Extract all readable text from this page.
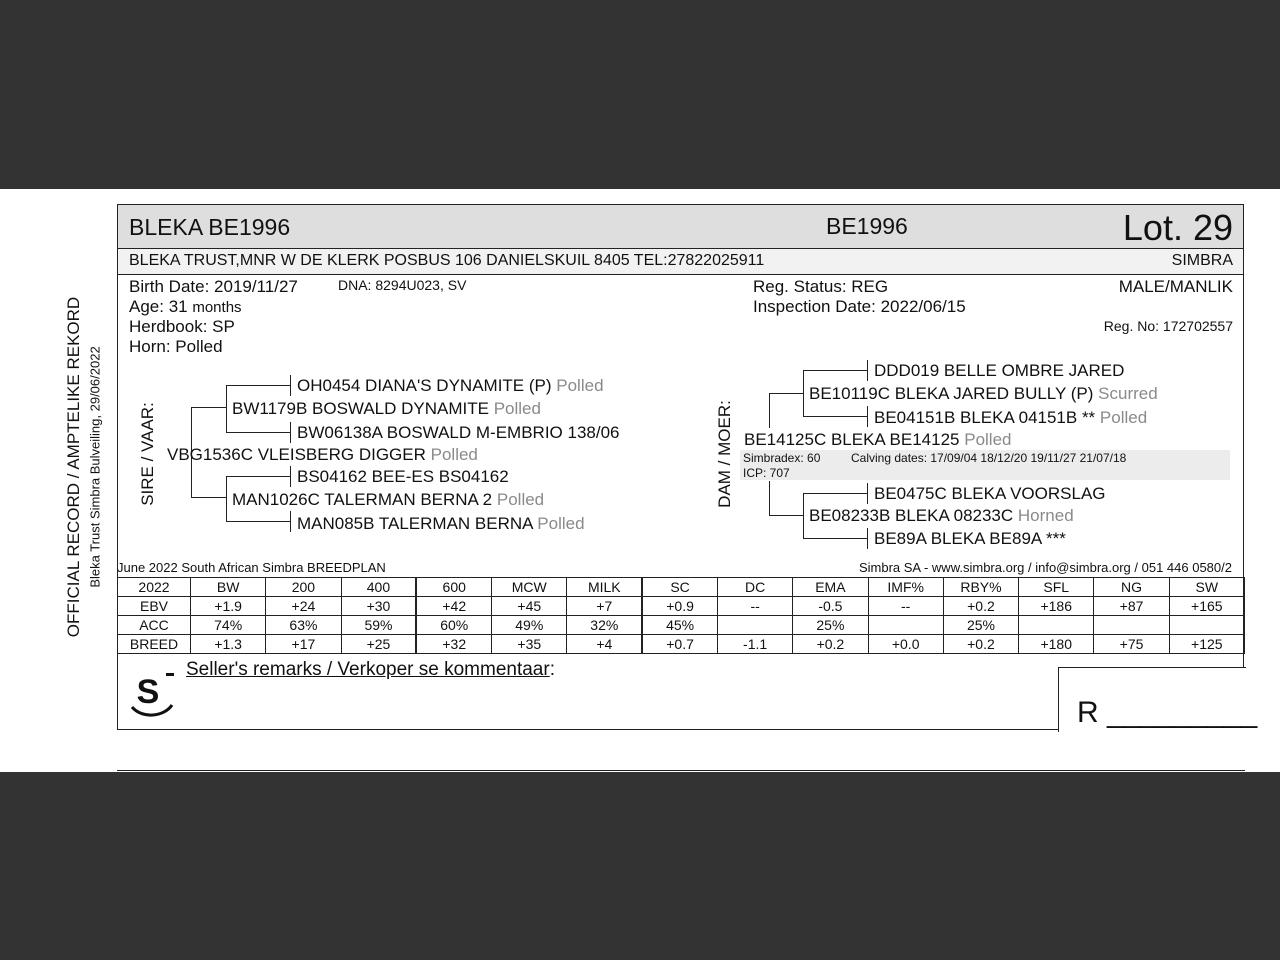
OFFICIAL RECORD / AMPTELIKE REKORD Bleka Trust Simbra Bulveiling, 29/06/2022
BLEKA BE1996	BE1996	Lot. 29
BLEKA TRUST,MNR W DE KLERK POSBUS 106 DANIELSKUIL 8405 TEL:27822025911	SIMBRA
Birth Date: 2019/11/27	DNA: 8294U023, SV
Age: 31 months
Herdbook: SP
Horn: Polled
Reg. Status: REG
Inspection Date: 2022/06/15
MALE/MANLIK
Reg. No: 172702557
SIRE / VAAR:
OH0454 DIANA'S DYNAMITE (P) Polled
BW1179B BOSWALD DYNAMITE Polled
BW06138A BOSWALD M-EMBRIO 138/06
VBG1536C VLEISBERG DIGGER Polled
BS04162 BEE-ES BS04162
MAN1026C TALERMAN BERNA 2 Polled
MAN085B TALERMAN BERNA Polled
DAM / MOER:
DDD019 BELLE OMBRE JARED
BE10119C BLEKA JARED BULLY (P) Scurred
BE04151B BLEKA 04151B ** Polled
BE14125C BLEKA BE14125 Polled
Simbradex: 60	Calving dates: 17/09/04 18/12/20 19/11/27 21/07/18
ICP: 707
BE0475C BLEKA VOORSLAG
BE08233B BLEKA 08233C Horned
BE89A BLEKA BE89A ***
June 2022 South African Simbra BREEDPLAN	Simbra SA - www.simbra.org / info@simbra.org / 051 446 0580/2
2022	BW	200	400	600	MCW	MILK	SC	DC	EMA	IMF%	RBY%	SFL	NG	SW
EBV	+1.9	+24	+30	+42	+45	+7	+0.9	--	-0.5	--	+0.2	+186	+87	+165
ACC	74%	63%	59%	60%	49%	32%	45%		25%		25%			
BREED	+1.3	+17	+25	+32	+35	+4	+0.7	-1.1	+0.2	+0.0	+0.2	+180	+75	+125
S
Seller's remarks / Verkoper se kommentaar:
R _________
